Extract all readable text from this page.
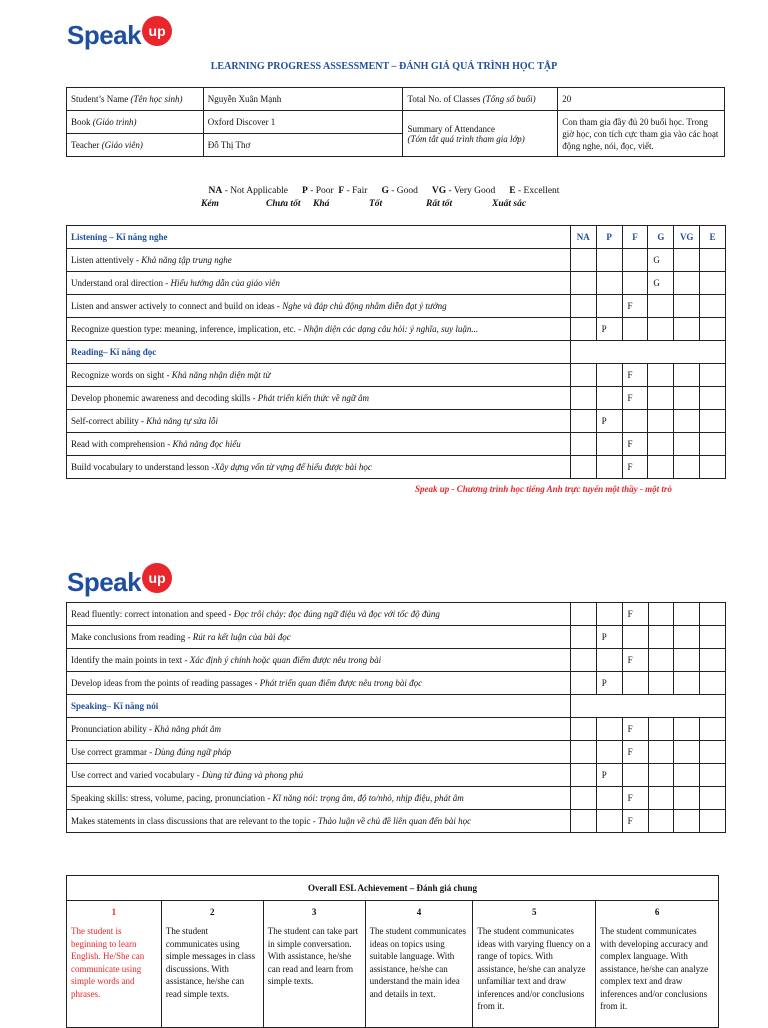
Speak up
LEARNING PROGRESS ASSESSMENT – ĐÁNH GIÁ QUÁ TRÌNH HỌC TẬP
Student’s Name (Tên học sinh)	Nguyễn Xuân Mạnh	Total No. of Classes (Tổng số buổi)	20
Book (Giáo trình)	Oxford Discover 1	Summary of Attendance
(Tóm tắt quá trình tham gia lớp)	Con tham gia đầy đủ 20 buổi học. Trong giờ học, con tích cực tham gia vào các hoạt động nghe, nói, đọc, viết.
Teacher (Giáo viên)	Đỗ Thị Thơ		
NA - Not Applicable P - Poor F - Fair G - Good VG - Very Good E - Excellent
Kém	Chưa tốt Khá	Tốt	Rất tốt	Xuất sắc
Listening – Kĩ năng nghe	NA	P	F	G	VG	E
Listen attentively - Khả năng tập trung nghe				G		
Understand oral direction - Hiểu hướng dẫn của giáo viên				G		
Listen and answer actively to connect and build on ideas - Nghe và đáp chủ động nhằm diễn đạt ý tưởng			F			
Recognize question type: meaning, inference, implication, etc. - Nhận diện các dạng câu hỏi: ý nghĩa, suy luận...		P				
Reading– Kĩ năng đọc						
Recognize words on sight - Khả năng nhận diện mặt từ			F			
Develop phonemic awareness and decoding skills - Phát triển kiến thức về ngữ âm			F			
Self-correct ability - Khả năng tự sửa lỗi		P				
Read with comprehension - Khả năng đọc hiểu			F			
Build vocabulary to understand lesson -Xây dựng vốn từ vựng để hiểu được bài học			F			
Speak up - Chương trình học tiếng Anh trực tuyến một thầy - một trò
Speak up
Read fluently: correct intonation and speed - Đọc trôi chảy: đọc đúng ngữ điệu và đọc với tốc độ đúng			F			
Make conclusions from reading - Rút ra kết luận của bài đọc		P				
Identify the main points in text - Xác định ý chính hoặc quan điểm được nêu trong bài			F			
Develop ideas from the points of reading passages - Phát triển quan điểm được nêu trong bài đọc		P				
Speaking– Kĩ năng nói						
Pronunciation ability - Khả năng phát âm			F			
Use correct grammar - Dùng đúng ngữ pháp			F			
Use correct and varied vocabulary - Dùng từ đúng và phong phú		P				
Speaking skills: stress, volume, pacing, pronunciation - Kĩ năng nói: trọng âm, độ to/nhỏ, nhịp điệu, phát âm			F			
Makes statements in class discussions that are relevant to the topic - Thảo luận về chủ đề liên quan đến bài học			F			
Overall ESL Achievement – Đánh giá chung					
1	2	3	4	5	6
The student is beginning to learn English. He/She can communicate using simple words and phrases.	The student communicates using simple messages in class discussions. With assistance, he/she can read simple texts.	The student can take part in simple conversation. With assistance, he/she can read and learn from simple texts.	The student communicates ideas on topics using suitable language. With assistance, he/she can understand the main idea and details in text.	The student communicates ideas with varying fluency on a range of topics. With assistance, he/she can analyze unfamiliar text and draw inferences and/or conclusions from it.	The student communicates with developing accuracy and complex language. With assistance, he/she can analyze complex text and draw inferences and/or conclusions from it.
